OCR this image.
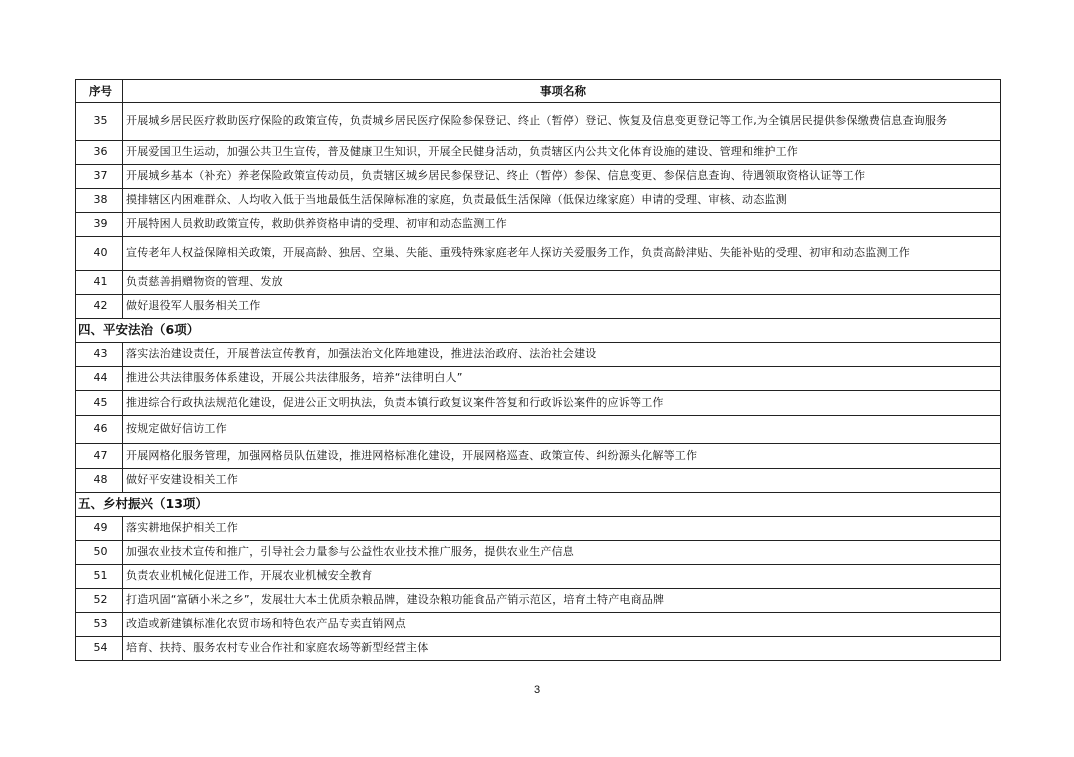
序号	事项名称
35	开展城乡居民医疗救助医疗保险的政策宣传，负责城乡居民医疗保险参保登记、终止（暂停）登记、恢复及信息变更登记等工作,为全镇居民提供参保缴费信息查询服务
36	开展爱国卫生运动，加强公共卫生宣传，普及健康卫生知识，开展全民健身活动，负责辖区内公共文化体育设施的建设、管理和维护工作
37	开展城乡基本（补充）养老保险政策宣传动员，负责辖区城乡居民参保登记、终止（暂停）参保、信息变更、参保信息查询、待遇领取资格认证等工作
38	摸排辖区内困难群众、人均收入低于当地最低生活保障标准的家庭，负责最低生活保障（低保边缘家庭）申请的受理、审核、动态监测
39	开展特困人员救助政策宣传，救助供养资格申请的受理、初审和动态监测工作
40	宣传老年人权益保障相关政策，开展高龄、独居、空巢、失能、重残特殊家庭老年人探访关爱服务工作，负责高龄津贴、失能补贴的受理、初审和动态监测工作
41	负责慈善捐赠物资的管理、发放
42	做好退役军人服务相关工作
四、平安法治（6项）	
43	落实法治建设责任，开展普法宣传教育，加强法治文化阵地建设，推进法治政府、法治社会建设
44	推进公共法律服务体系建设，开展公共法律服务，培养“法律明白人”
45	推进综合行政执法规范化建设，促进公正文明执法，负责本镇行政复议案件答复和行政诉讼案件的应诉等工作
46	按规定做好信访工作
47	开展网格化服务管理，加强网格员队伍建设，推进网格标准化建设，开展网格巡查、政策宣传、纠纷源头化解等工作
48	做好平安建设相关工作
五、乡村振兴（13项）	
49	落实耕地保护相关工作
50	加强农业技术宣传和推广，引导社会力量参与公益性农业技术推广服务，提供农业生产信息
51	负责农业机械化促进工作，开展农业机械安全教育
52	打造巩固“富硒小米之乡”，发展壮大本土优质杂粮品牌，建设杂粮功能食品产销示范区，培育土特产电商品牌
53	改造或新建镇标准化农贸市场和特色农产品专卖直销网点
54	培育、扶持、服务农村专业合作社和家庭农场等新型经营主体
3
